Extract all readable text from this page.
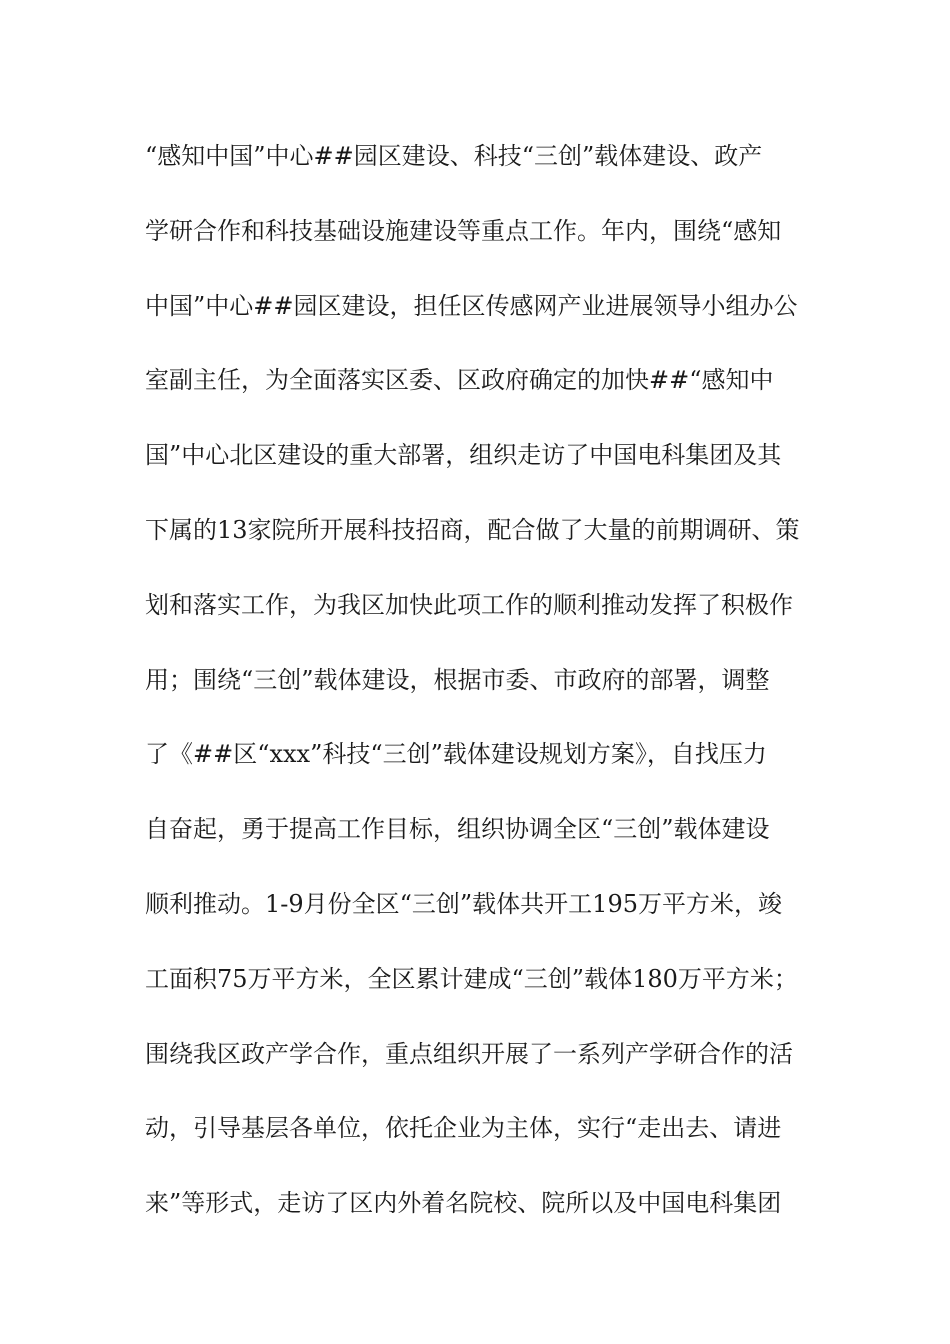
“感知中国”中心##园区建设、科技“三创”载体建设、政产
学研合作和科技基础设施建设等重点工作。年内，围绕“感知
中国”中心##园区建设，担任区传感网产业进展领导小组办公
室副主任，为全面落实区委、区政府确定的加快##“感知中
国”中心北区建设的重大部署，组织走访了中国电科集团及其
下属的13家院所开展科技招商，配合做了大量的前期调研、策
划和落实工作，为我区加快此项工作的顺利推动发挥了积极作
用；围绕“三创”载体建设，根据市委、市政府的部署，调整
了《##区“xxx”科技“三创”载体建设规划方案》，自找压力
自奋起，勇于提高工作目标，组织协调全区“三创”载体建设
顺利推动。1-9月份全区“三创”载体共开工195万平方米，竣
工面积75万平方米，全区累计建成“三创”载体180万平方米；
围绕我区政产学合作，重点组织开展了一系列产学研合作的活
动，引导基层各单位，依托企业为主体，实行“走出去、请进
来”等形式，走访了区内外着名院校、院所以及中国电科集团
